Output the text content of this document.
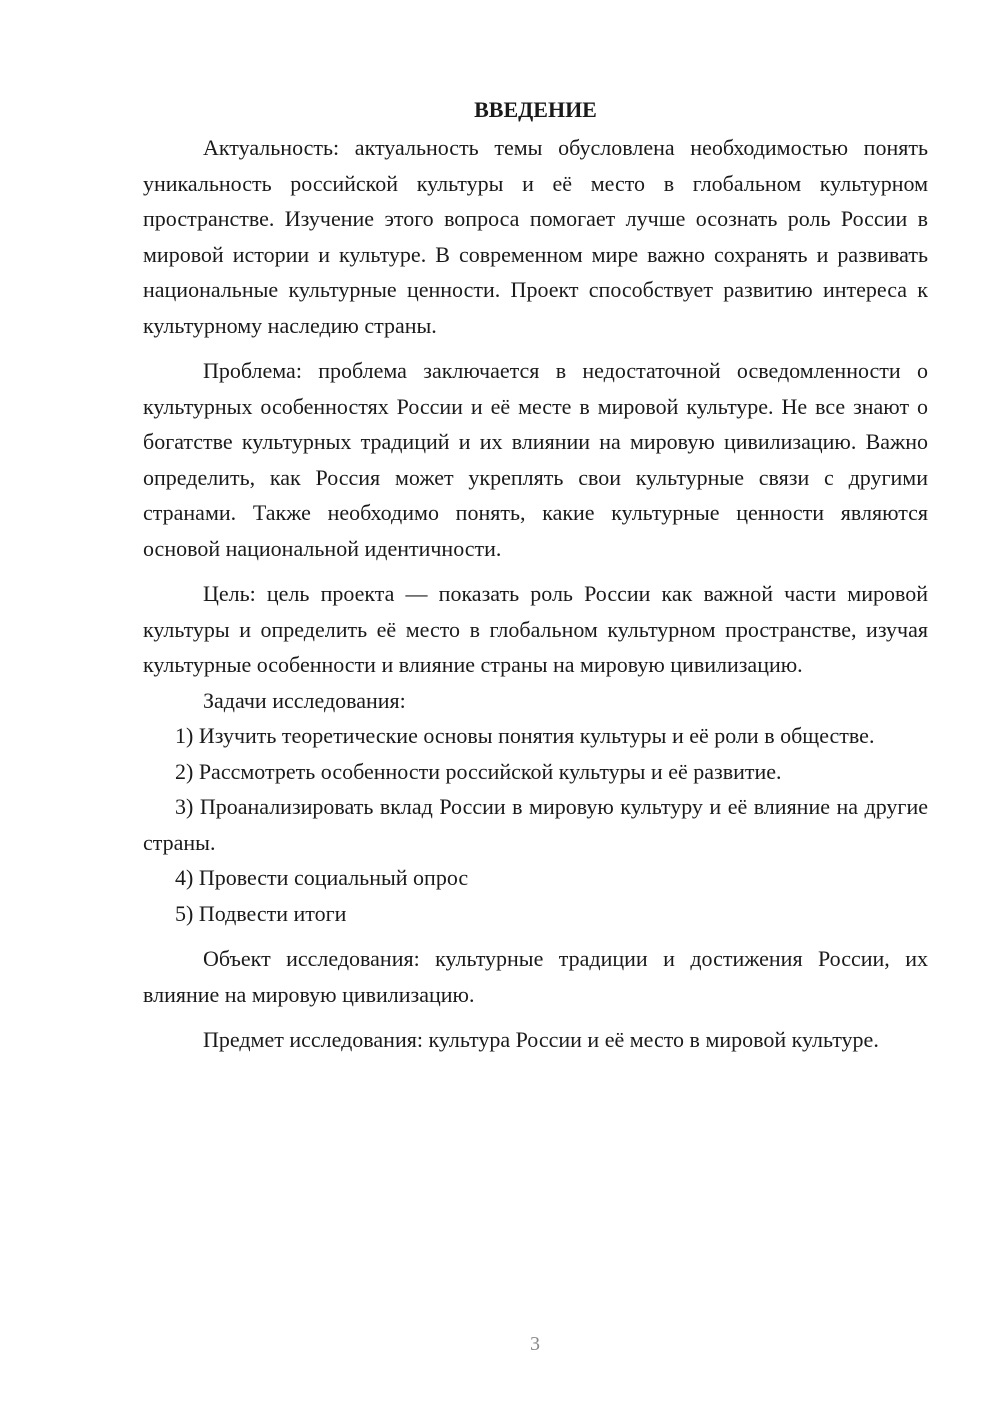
ВВЕДЕНИЕ

Актуальность: актуальность темы обусловлена необходимостью понять уникальность российской культуры и её место в глобальном культурном пространстве. Изучение этого вопроса помогает лучше осознать роль России в мировой истории и культуре. В современном мире важно сохранять и развивать национальные культурные ценности. Проект способствует развитию интереса к культурному наследию страны.

Проблема: проблема заключается в недостаточной осведомленности о культурных особенностях России и её месте в мировой культуре. Не все знают о богатстве культурных традиций и их влиянии на мировую цивилизацию. Важно определить, как Россия может укреплять свои культурные связи с другими странами. Также необходимо понять, какие культурные ценности являются основой национальной идентичности.

Цель: цель проекта — показать роль России как важной части мировой культуры и определить её место в глобальном культурном пространстве, изучая культурные особенности и влияние страны на мировую цивилизацию.

Задачи исследования:

1) Изучить теоретические основы понятия культуры и её роли в обществе.

2) Рассмотреть особенности российской культуры и её развитие.

3) Проанализировать вклад России в мировую культуру и её влияние на другие страны.

4) Провести социальный опрос

5) Подвести итоги

Объект исследования: культурные традиции и достижения России, их влияние на мировую цивилизацию.

Предмет исследования: культура России и её место в мировой культуре.

3
